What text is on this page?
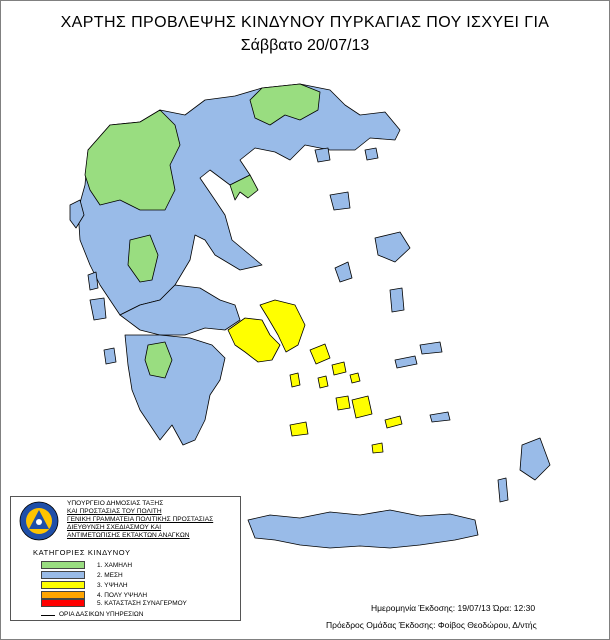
ΧΑΡΤΗΣ ΠΡΟΒΛΕΨΗΣ ΚΙΝΔΥΝΟΥ ΠΥΡΚΑΓΙΑΣ ΠΟΥ ΙΣΧΥΕΙ ΓΙΑ
Σάββατο 20/07/13
ΥΠΟΥΡΓΕΙΟ ΔΗΜΟΣΙΑΣ ΤΑΞΗΣ
ΚΑΙ ΠΡΟΣΤΑΣΙΑΣ ΤΟΥ ΠΟΛΙΤΗ
ΓΕΝΙΚΗ ΓΡΑΜΜΑΤΕΙΑ ΠΟΛΙΤΙΚΗΣ ΠΡΟΣΤΑΣΙΑΣ
ΔΙΕΥΘΥΝΣΗ ΣΧΕΔΙΑΣΜΟΥ ΚΑΙ
ΑΝΤΙΜΕΤΩΠΙΣΗΣ ΕΚΤΑΚΤΩΝ ΑΝΑΓΚΩΝ
ΚΑΤΗΓΟΡΙΕΣ ΚΙΝΔΥΝΟΥ
1. ΧΑΜΗΛΗ
2. ΜΕΣΗ
3. ΥΨΗΛΗ
4. ΠΟΛΥ ΥΨΗΛΗ
5. ΚΑΤΑΣΤΑΣΗ ΣΥΝΑΓΕΡΜΟΥ
ΟΡΙΑ ΔΑΣΙΚΩΝ ΥΠΗΡΕΣΙΩΝ
Ημερομηνία Έκδοσης: 19/07/13 Ώρα: 12:30
Πρόεδρος Ομάδας Έκδοσης: Φοίβος Θεοδώρου, Δ/ντής
